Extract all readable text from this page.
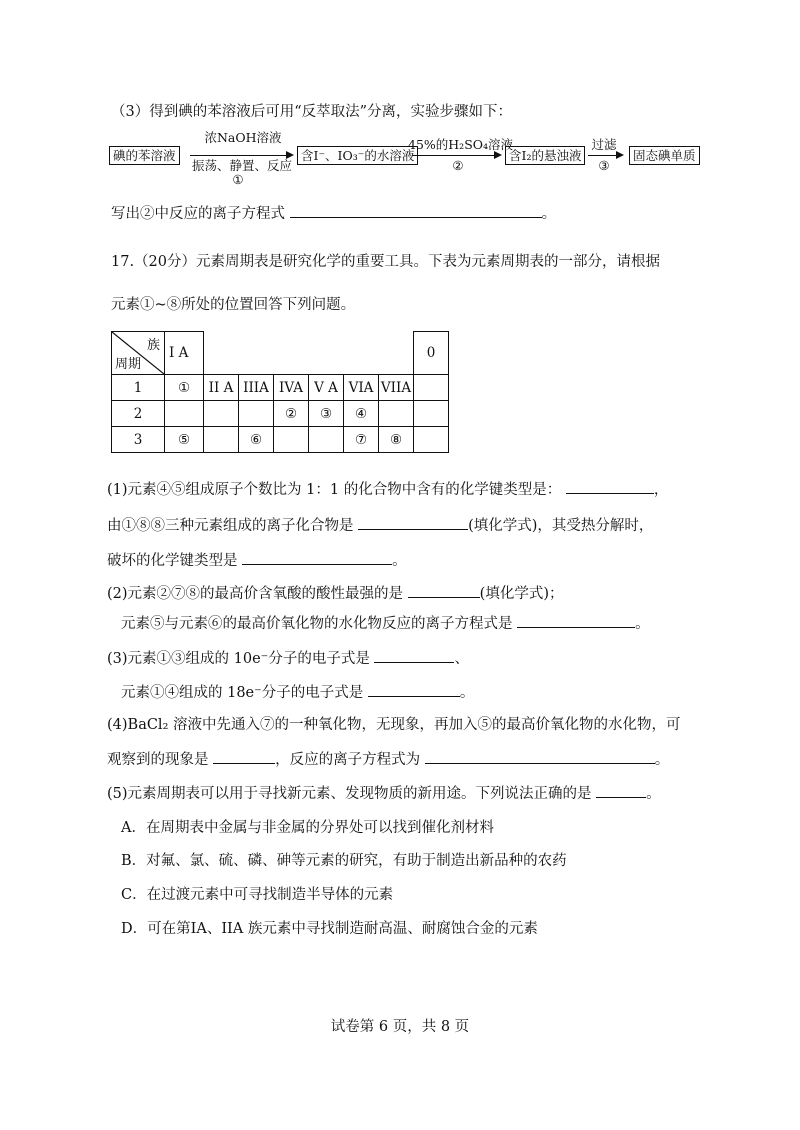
（3）得到碘的苯溶液后可用“反萃取法”分离，实验步骤如下：
碘的苯溶液
浓NaOH溶液
振荡、静置、反应
①
含I⁻、IO₃⁻的水溶液
45%的H₂SO₄溶液
②
含I₂的悬浊液
过滤
③
固态碘单质
写出②中反应的离子方程式	。
17.（20分）元素周期表是研究化学的重要工具。下表为元素周期表的一部分，请根据
元素①~⑧所处的位置回答下列问题。
族
周期	I A							0
1	①	II A	IIIA	IVA	V A	VIA	VIIA	
2				②	③	④		
3	⑤		⑥			⑦	⑧	
(1)元素④⑤组成原子个数比为 1：1 的化合物中含有的化学键类型是：	，
由①⑧⑧三种元素组成的离子化合物是	(填化学式)，其受热分解时，
破坏的化学键类型是	。
(2)元素②⑦⑧的最高价含氧酸的酸性最强的是	(填化学式)；
元素⑤与元素⑥的最高价氧化物的水化物反应的离子方程式是	。
(3)元素①③组成的 10e⁻分子的电子式是	、
元素①④组成的 18e⁻分子的电子式是	。
(4)BaCl₂ 溶液中先通入⑦的一种氧化物，无现象，再加入⑤的最高价氧化物的水化物，可
观察到的现象是	，反应的离子方程式为	。
(5)元素周期表可以用于寻找新元素、发现物质的新用途。下列说法正确的是	。
A．在周期表中金属与非金属的分界处可以找到催化剂材料
B．对氟、氯、硫、磷、砷等元素的研究，有助于制造出新品种的农药
C．在过渡元素中可寻找制造半导体的元素
D．可在第IA、IIA 族元素中寻找制造耐高温、耐腐蚀合金的元素
试卷第 6 页，共 8 页
